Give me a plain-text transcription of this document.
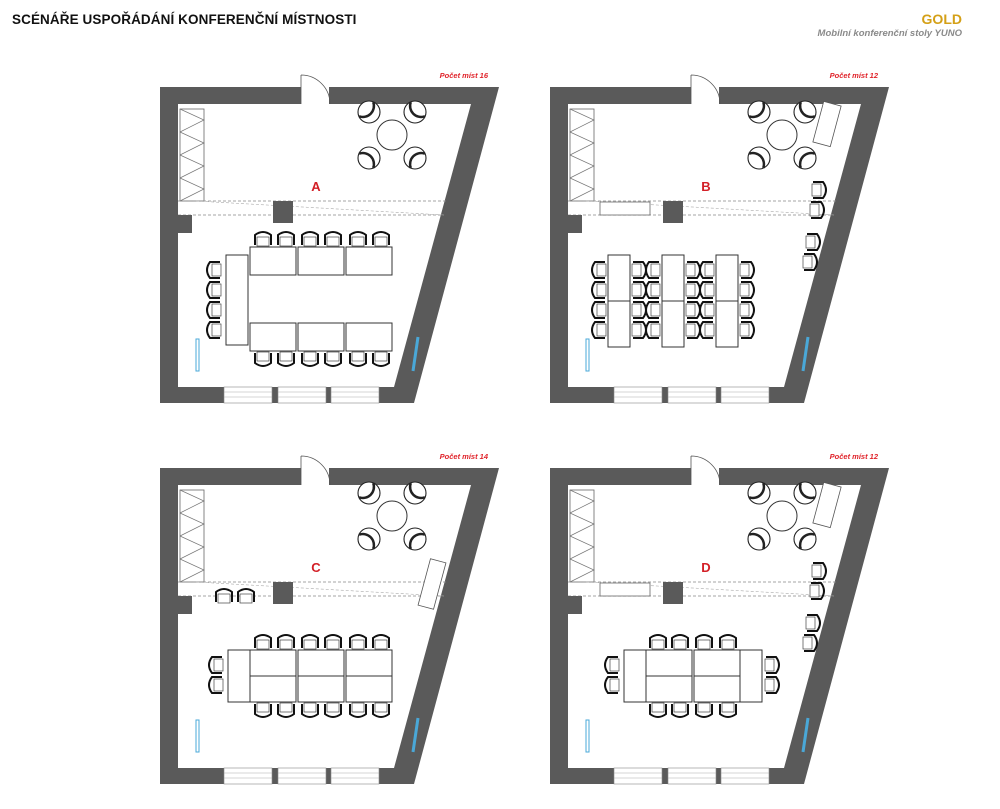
SCÉNÁŘE USPOŘÁDÁNÍ KONFERENČNÍ MÍSTNOSTI	GOLD
Mobilní konferenční stoly YUNO
Počet míst 16
A
Počet míst 12
B
Počet míst 14
C
Počet míst 12
D
